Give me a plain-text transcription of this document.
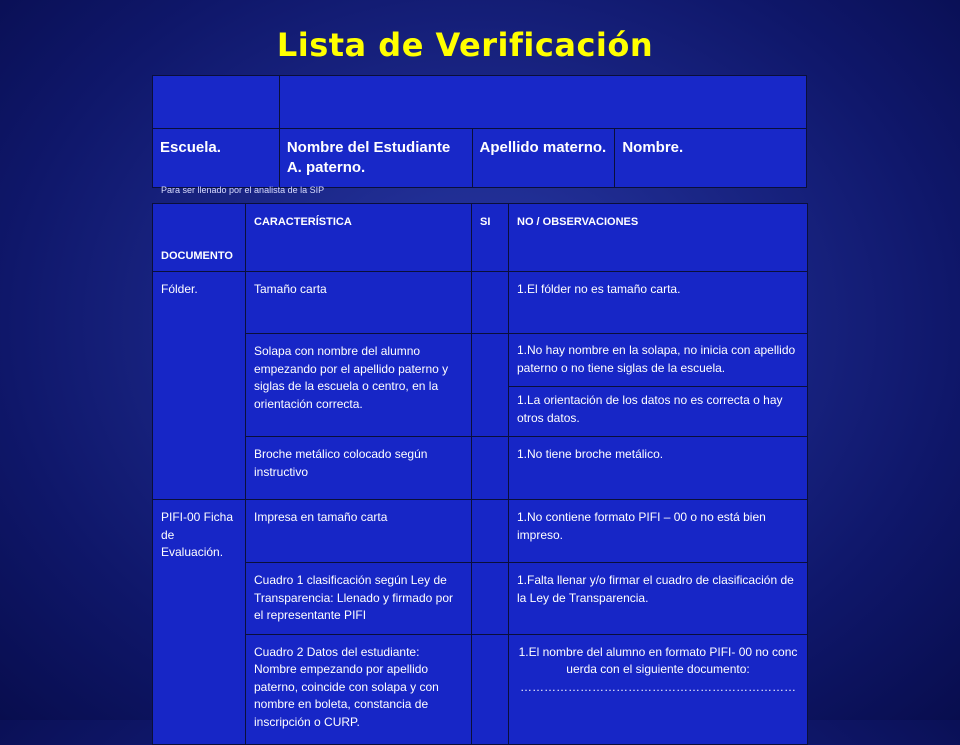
Lista de Verificación

Escuela.	Nombre del Estudiante A. paterno.	Apellido materno.	Nombre.
Para ser llenado por el analista de la SIP
DOCUMENTO	CARACTERÍSTICA	SI	NO / OBSERVACIONES
Fólder.	Tamaño carta		1.El fólder no es tamaño carta.
	Solapa con nombre del alumno empezando por el apellido paterno y siglas de la escuela o centro, en la orientación correcta.		1.No hay nombre en la solapa, no inicia con apellido paterno o no tiene siglas de la escuela.
			1.La orientación de los datos no es correcta o hay otros datos.
	Broche metálico colocado según instructivo		1.No tiene broche metálico.
PIFI-00 Ficha de Evaluación.	Impresa en tamaño carta		1.No contiene formato PIFI – 00 o no está bien impreso.
	Cuadro 1 clasificación según Ley de Transparencia: Llenado y firmado por el representante PIFI		1.Falta llenar y/o firmar el cuadro de clasificación de la Ley de Transparencia.
	Cuadro 2 Datos del estudiante: Nombre empezando por apellido paterno, coincide con solapa y con nombre en boleta, constancia de inscripción o CURP.		1.El nombre del alumno en formato PIFI- 00 no concuerda con el siguiente documento: ……………………………………………………………
